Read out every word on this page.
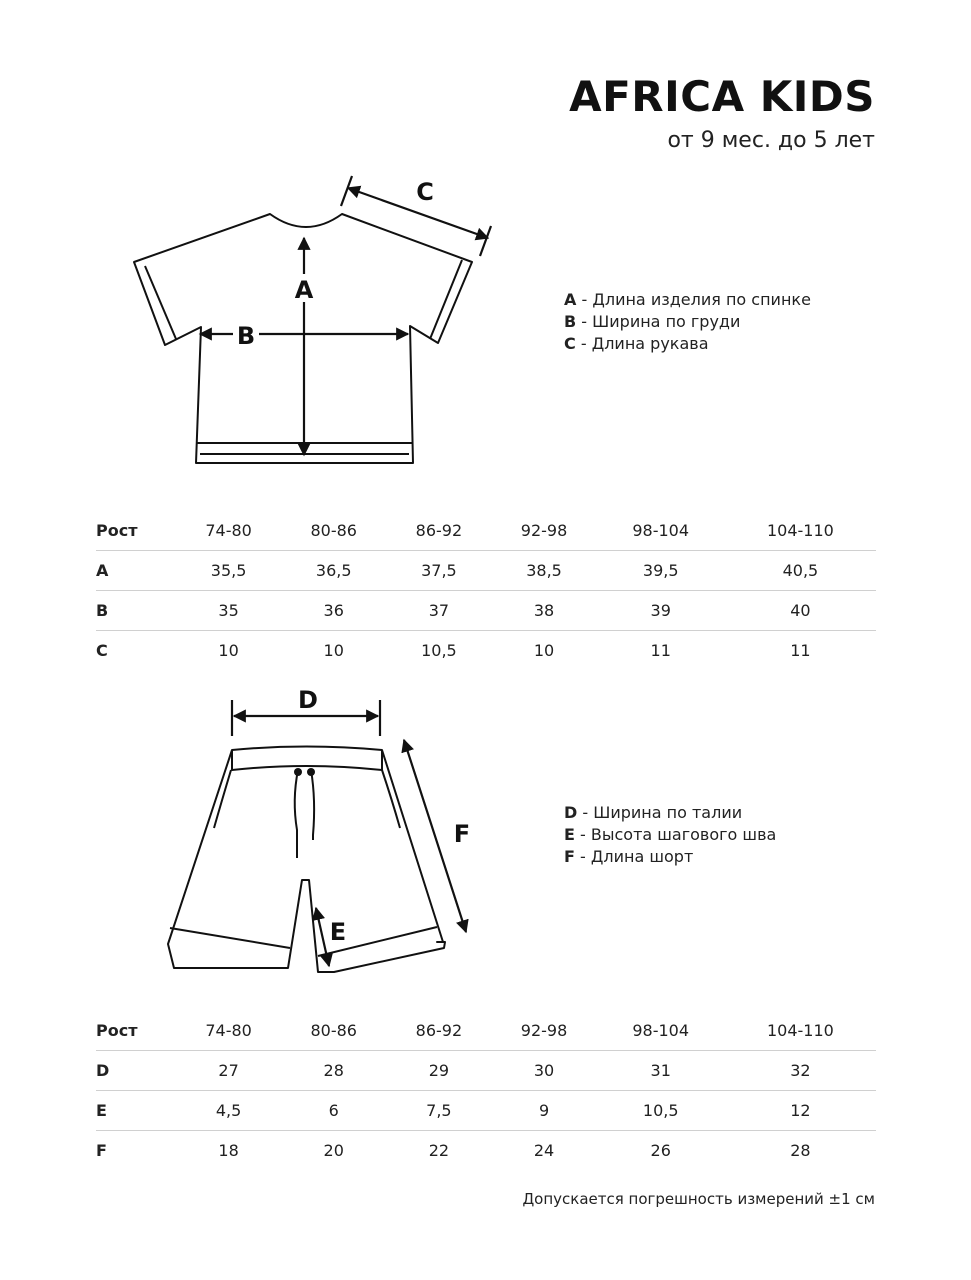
AFRICA KIDS
от 9 мес. до 5 лет
A
B
C
A - Длина изделия по спинке
B - Ширина по груди
C - Длина рукава
Рост	74-80	80-86	86-92	92-98	98-104	104-110
A	35,5	36,5	37,5	38,5	39,5	40,5
B	35	36	37	38	39	40
C	10	10	10,5	10	11	11
D
F
E
D - Ширина по талии
E - Высота шагового шва
F - Длина шорт
Рост	74-80	80-86	86-92	92-98	98-104	104-110
D	27	28	29	30	31	32
E	4,5	6	7,5	9	10,5	12
F	18	20	22	24	26	28
Допускается погрешность измерений ±1 см
